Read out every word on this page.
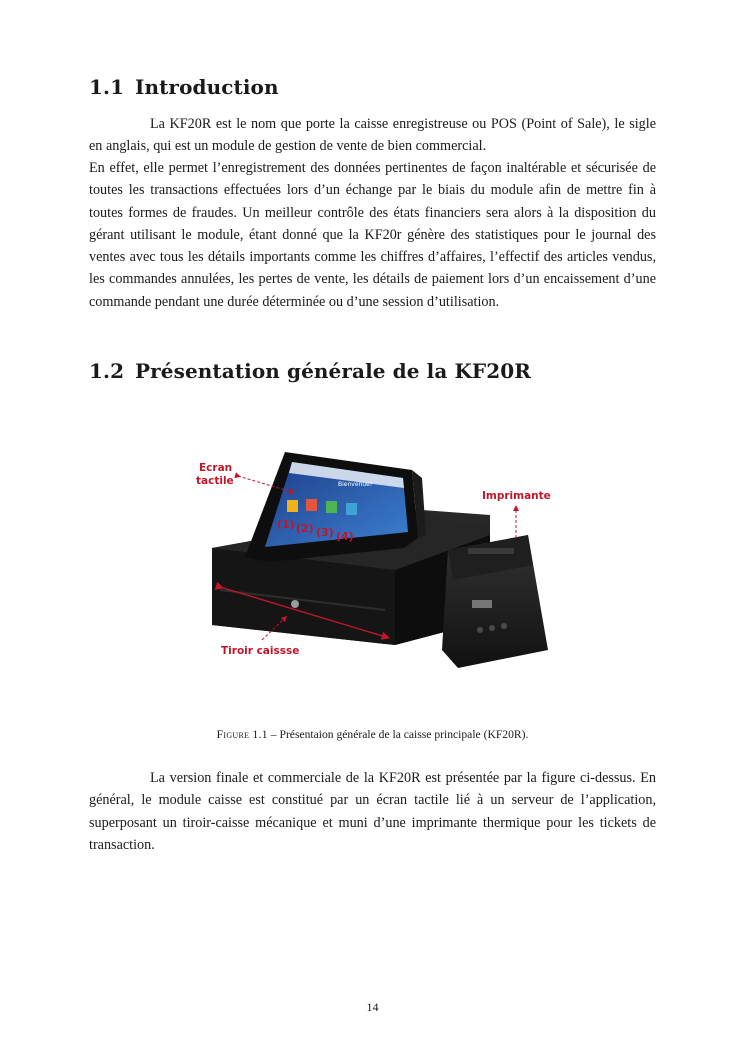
1.1 Introduction

La KF20R est le nom que porte la caisse enregistreuse ou POS (Point of Sale), le sigle en anglais, qui est un module de gestion de vente de bien commercial.

En effet, elle permet l’enregistrement des données pertinentes de façon inaltérable et sécurisée de toutes les transactions effectuées lors d’un échange par le biais du module afin de mettre fin à toutes formes de fraudes. Un meilleur contrôle des états financiers sera alors à la disposition du gérant utilisant le module, étant donné que la KF20r génère des statistiques pour le journal des ventes avec tous les détails importants comme les chiffres d’affaires, l’effectif des articles vendus, les commandes annulées, les pertes de vente, les détails de paiement lors d’un encaissement d’une commande pendant une durée déterminée ou d’une session d’utilisation.

1.2 Présentation générale de la KF20R
Bienvenue!
Ecran
tactile
Imprimante
Tiroir caissse
(1) (2) (3) (4)
Figure 1.1 – Présentaion générale de la caisse principale (KF20R).

La version finale et commerciale de la KF20R est présentée par la figure ci-dessus. En général, le module caisse est constitué par un écran tactile lié à un serveur de l’application, superposant un tiroir-caisse mécanique et muni d’une imprimante thermique pour les tickets de transaction.

14
